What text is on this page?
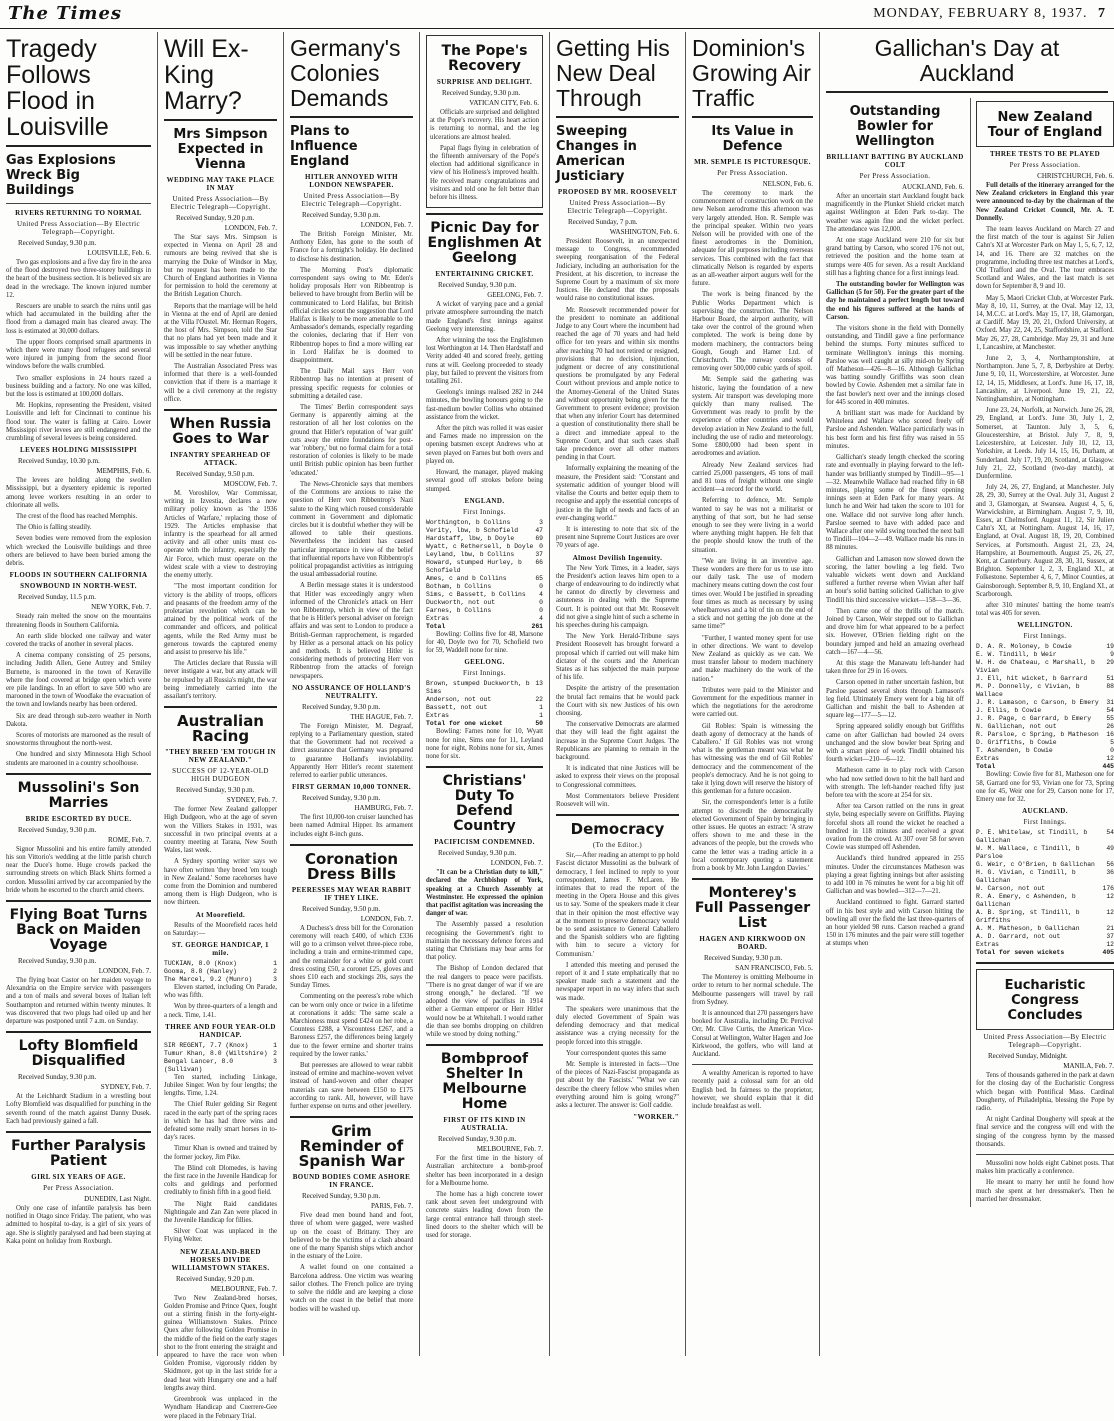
The Times	MONDAY, FEBRUARY 8, 1937. 7
Tragedy Follows Flood in Louisville
Gas Explosions Wreck Big Buildings
RIVERS RETURNING TO NORMAL
United Press Association—By Electric Telegraph—Copyright.
Received Sunday, 9.30 p.m.
LOUISVILLE, Feb. 6.

Two gas explosions and a five day fire in the area of the flood destroyed two three-storey buildings in the heart of the business section. It is believed six are dead in the wreckage. The known injured number 12.

Rescuers are unable to search the ruins until gas which had accumulated in the building after the flood from a damaged main has cleared away. The loss is estimated at 30,000 dollars.

The upper floors comprised small apartments in which there were many flood refugees and several were injured in jumping from the second floor windows before the walls crumbled.

Two smaller explosions in 24 hours razed a business building and a factory. No one was killed, but the loss is estimated at 100,000 dollars.

Mr. Hopkins, representing the President, visited Louisville and left for Cincinnati to continue his flood tour. The water is falling at Cairo. Lower Mississippi river levees are still endangered and the crumbling of several levees is being considered.

LEVEES HOLDING MISSISSIPPI
Received Sunday, 10.30 p.m.
MEMPHIS, Feb. 6.

The levees are holding along the swollen Mississippi, but a dysentery epidemic is reported among levee workers resulting in an order to chlorinate all wells.

The crest of the flood has reached Memphis.

The Ohio is falling steadily.

Seven bodies were removed from the explosion which wrecked the Louisville buildings and three others are believed to have been buried among the debris.

FLOODS IN SOUTHERN CALIFORNIA
SNOWBOUND IN NORTH-WEST.
Received Sunday, 11.5 p.m.
NEW YORK, Feb. 7.

Steady rain melted the snow on the mountains threatening floods in Southern California.

An earth slide blocked one railway and water covered the tracks of another in several places.

A cinema company consisting of 25 persons, including Judith Allen, Gene Autrey and Smiley Burnette, is marooned in the town of Keraville where the food covered at bridge open which were ere pile landings. In an effort to save 500 who are marooned in the town of Woodlake the evacuation of the town and lowlands nearby has been ordered.

Six are dead through sub-zero weather in North Dakota.

Scores of motorists are marooned as the result of snowstorms throughout the north-west.

One hundred and sixty Minnesota High School students are marooned in a country schoolhouse.

Mussolini's Son Marries
BRIDE ESCORTED BY DUCE.
Received Sunday, 9.30 p.m.
ROME, Feb. 7.

Signor Mussolini and his entire family attended his son Vittorio's wedding at the little parish church near the Duce's home. Huge crowds packed the surrounding streets on which Black Shirts formed a cordon. Mussolini arrived by car accompanied by the bride whom he escorted to the church amid cheers.

Flying Boat Turns Back on Maiden Voyage
Received Sunday, 9.30 p.m.
LONDON, Feb. 7.

The flying boat Castor on her maiden voyage to Alexandria on the Empire service with passengers and a ton of mails and several boxes of Italian left Southampton and returned within twenty minutes. It was discovered that two plugs had oiled up and her departure was postponed until 7 a.m. on Sunday.

Lofty Blomfield Disqualified
Received Sunday, 9.30 p.m.
SYDNEY, Feb. 7.

At the Leichhardt Stadium in a wrestling bout Lofty Blomfield was disqualified for punching in the seventh round of the match against Danny Dusek. Each had previously gained a fall.

Further Paralysis Patient
GIRL SIX YEARS OF AGE.
Per Press Association.
DUNEDIN, Last Night.

Only one case of infantile paralysis has been notified in Otago since Friday. The patient, who was admitted to hospital to-day, is a girl of six years of age. She is slightly paralysed and had been staying at Kaka point on holiday from Roxburgh.

Will Ex-King Marry?
Mrs Simpson Expected in Vienna
WEDDING MAY TAKE PLACE IN MAY
United Press Association—By Electric Telegraph—Copyright.
Received Sunday, 9.20 p.m.
LONDON, Feb. 7.

The Star says Mrs. Simpson is expected in Vienna on April 28 and rumours are being revived that she is marrying the Duke of Windsor in May, but no request has been made to the Church of England authorities in Vienna for permission to hold the ceremony at the British Legation Church.

Reports that the marriage will be held in Vienna at the end of April are denied at the Villa l'Oustel. Mr. Herman Rogers, the host of Mrs. Simpson, told the Star that no plans had yet been made and it was impossible to say whether anything will be settled in the near future.

The Australian Associated Press was informed that there is a well-founded conviction that if there is a marriage it will be a civil ceremony at the registry office.

When Russia Goes to War
INFANTRY SPEARHEAD OF ATTACK.
Received Sunday, 9.50 p.m.
MOSCOW, Feb. 7.

M. Voroshilov, War Commissar, writing in Izvestia, declares a new military policy known as 'the 1936 Articles of Warfare,' replacing those of 1929. The Articles emphasise that infantry is the spearhead for all armed activity and all other units must co-operate with the infantry, especially the Air Force, which must operate on the widest scale with a view to destroying the enemy utterly.

"The most important condition for victory is the ability of troops, officers and peasants of the freedom army of the proletarian revolution which can be attained by the political work of the commander and officers, and political agents, while the Red Army must be generous towards the captured enemy and assist to preserve his life."

The Articles declare that Russia will never instigate a war, but any attack will be repulsed by all Russia's might, the war being immediately carried into the assailant's territory.

Australian Racing
"THEY BREED 'EM TOUGH IN NEW ZEALAND."
SUCCESS OF 12-YEAR-OLD HIGH DUDGEON
Received Sunday, 9.30 p.m.
SYDNEY, Feb. 7.

The former New Zealand gallopper High Dudgeon, who at the age of seven won the Villiers Stakes in 1931, was successful in two principal events at a country meeting at Tarana, New South Wales, last week.

A Sydney sporting writer says we have often written 'they breed 'em tough in New Zealand.' Some racehorses have come from the Dominion and numbered among them is High Dudgeon, who is now thirteen.

At Moorefield.

Results of the Moorefield races held on Saturday:—

ST. GEORGE HANDICAP, 1 mile.
TUCKIAN, 8.0 (Knox)	1
Gooma, 8.8 (Hanley)	2
The Marcel, 9.2 (Munro)	3

Eleven started, including On Parade, who was fifth.

Won by three-quarters of a length and a neck. Time, 1.41.

THREE AND FOUR YEAR-OLD HANDICAP.
SIR REGENT, 7.7 (Knox)	1
Tumur Khan, 8.0 (Wiltshire) 2
Bengal Lancer, 8.0 (Sullivan)
3

Ten started, including Linkage, Jubilee Singer. Won by four lengths; the lengths. Time, 1.24.

The Chief Ruler gelding Sir Regent raced in the early part of the spring races in which he has had three wins and defeated some really smart horses in to-day's races.

Timur Khan is owned and trained by the former jockey, Jim Pike.

The Blind colt Dlomedes, is having the first race in the Juvenile Handicap for colts and geldings and performed creditably to finish fifth in a good field.

The Night Raid candidates Nightingale and Zan Zan were placed in the Juvenile Handicap for fillies.

Silver Coat was unplaced in the Flying Welter.

NEW ZEALAND-BRED HORSES DIVIDE WILLIAMSTOWN STAKES.
Received Sunday, 9.20 p.m.
MELBOURNE, Feb. 7.

Two New Zealand-bred horses, Golden Promise and Prince Quex, fought out a stirring finish in the forty-eight-guinea Williamstown Stakes. Prince Quex after following Golden Promise in the middle of the field on the early stages shot to the front entering the straight and appeared to have the race won when Golden Promise, vigorously ridden by Skidmore, got up in the last stride for a dead heat with Hungarry one and a half lengths away third.

Greenbrook was unplaced in the Wyndham Handicap and Cuerrere-Gee were placed in the February Trial.

Germany's Colonies Demands
Plans to Influence England
HITLER ANNOYED WITH LONDON NEWSPAPER.
United Press Association—By Electric Telegraph—Copyright.
Received Sunday, 9.30 p.m.
LONDON, Feb. 7.

The British Foreign Minister, Mr. Anthony Eden, has gone to the south of France for a fortnight's holiday. He declined to disclose his destination.

The Morning Post's diplomatic correspondent says owing to Mr. Eden's holiday proposals Herr von Ribbentrop is believed to have brought from Berlin will be communicated to Lord Halifax, but British official circles scout the suggestion that Lord Halifax is likely to be more amenable to the Ambassador's demands, especially regarding the colonies, declaring that if Herr von Ribbentrop hopes to find a more willing ear in Lord Halifax he is doomed to disappointment.

The Daily Mail says Herr von Ribbentrop has no intention at present of pressing specific requests for colonies or submitting a detailed case.

The Times' Berlin correspondent says Germany is apparently aiming at the restoration of all her lost colonies on the ground that Hitler's reputation of 'war guilt' cuts away the entire foundations for post-war 'robbery,' but no formal claim for a total restoration of colonies is likely to be made until British public opinion has been further 'educated.'

The News-Chronicle says that members of the Commons are anxious to raise the question of Herr von Ribbentrop's Nazi salute to the King which roused considerable comment in Government and diplomatic circles but it is doubtful whether they will be allowed to table their questions. Nevertheless the incident has caused particular importance in view of the belief that influential reports have von Ribbentrop's political propagandist activities as intriguing the usual ambassadorial routine.

A Berlin message states it is understood that Hitler was exceedingly angry when informed of the Chronicle's attack on Herr von Ribbentrop, which in view of the fact that he is Hitler's personal adviser on foreign affairs and was sent to London to produce a British-German rapprochement, is regarded by Hitler as a personal attack on his policy and methods. It is believed Hitler is considering methods of protecting Herr von Ribbentrop from the attacks of foreign newspapers.

NO ASSURANCE OF HOLLAND'S NEUTRALITY.
Received Sunday, 9.30 p.m.
THE HAGUE, Feb. 7.

The Foreign Minister, M. Degraaf, replying to a Parliamentary question, stated that the Government had not received a direct assurance that Germany was prepared to guarantee Holland's inviolability. Apparently Herr Hitler's recent statement referred to earlier public utterances.

FIRST GERMAN 10,000 TONNER.
Received Sunday, 9.30 p.m.
HAMBURG, Feb. 7.

The first 10,000-ton cruiser launched has been named Admiral Hipper. Its armament includes eight 8-inch guns.

Coronation Dress Bills
PEERESSES MAY WEAR RABBIT IF THEY LIKE.
Received Sunday, 9.50 p.m.
LONDON, Feb. 7.

A Duchess's dress bill for the Coronation ceremony will reach £400, of which £336 will go to a crimson velvet three-piece robe, including a train and ermine-trimmed cape, and the remainder for a white or gold court dress costing £50, a coronet £25, gloves and shoes £10 each and stockings 20s, says the Sunday Times.

Commenting on the peeress's robe which can be worn only once or twice in a lifetime at coronations it adds: 'The same scale a Marchioness must spend £424 on her robe, a Countess £288, a Viscountess £267, and a Baroness £257, the differences being largely due to the fewer ermine and shorter trains required by the lower ranks.'

But peeresses are allowed to wear rabbit instead of ermine and machine-woven velvet instead of hand-woven and other cheaper materials can save between £150 to £175 according to rank. All, however, will have further expense on turns and other jewellery.

Grim Reminder of Spanish War
BOUND BODIES COME ASHORE IN FRANCE.
Received Sunday, 9.30 p.m.
PARIS, Feb. 7.

Five dead men bound hand and foot, three of whom were gagged, were washed up on the coast of Brittany. They are believed to be the victims of a clash aboard one of the many Spanish ships which anchor in the estuary of the Loire.

A wallet found on one contained a Barcelona address. One victim was wearing sailor clothes. The French police are trying to solve the riddle and are keeping a close watch on the coast in the belief that more bodies will be washed up.

The Pope's Recovery
SURPRISE AND DELIGHT.
Received Sunday, 9.30 p.m.
VATICAN CITY, Feb. 6.

Officials are surprised and delighted at the Pope's recovery. His heart action is returning to normal, and the leg ulcerations are almost healed.

Papal flags flying in celebration of the fifteenth anniversary of the Pope's election had additional significance in view of his Holiness's improved health. He received many congratulations and visitors and told one he felt better than before his illness.

Picnic Day for Englishmen At Geelong
ENTERTAINING CRICKET.
Received Sunday, 9.30 p.m.
GEELONG, Feb. 7.

A wicket of varying pace and a genial private atmosphere surrounding the match made England's first innings against Geelong very interesting.

After winning the toss the Englishmen lost Worthington at 14. Then Hardstaff and Verity added 40 and scored freely, getting runs at will. Geelong proceeded to steady play, but failed to prevent the visitors from totalling 261.

Geelong's innings realised 282 in 244 minutes, the bowling honours going to the fast-medium bowler Collins who obtained assistance from the wicket.

After the pitch was rolled it was easier and Farnes made no impression on the opening batsmen except Andrews who at seven played on Farnes but both overs and played on.

Howard, the manager, played making several good off strokes before being stumped.

ENGLAND.
First Innings.
Worthington, b Collins	3
Verity, lbw, b Schofield	47
Hardstaff, lbw, b Doyle	69
Wyatt, c Rethersell, b Doyle 0
Leyland, lbw, b Collins	37
Howard, stumped Hurley, b Schofield
66
Ames, c and b Collins	65
Botham, b Collins	0
Sims, c Bassett, b Collins 4
Duckworth, not out	0
Farnes, b Collins	0
Extras	4
Total	261

Bowling: Collins five for 48, Marsone for 40, Doyle two for 70, Schofield two for 59, Waddell none for nine.

GEELONG.
First Innings.
Brown, stumped Duckworth, b Sims
13
Anderson, not out	22
Bassett, not out	1
Extras	1
Total for one wicket	50

Bowling: Farnes none for 10, Wyatt none for nine, Sims one for 11, Leyland none for eight, Robins none for six, Ames none for six.

Christians' Duty To Defend Country
PACIFICISM CONDEMNED.
Received Sunday, 9.30 p.m.
LONDON, Feb. 7.

"It can be a Christian duty to kill," declared the Archbishop of York, speaking at a Church Assembly at Westminster. He expressed the opinion that pacifist agitation was increasing the danger of war.

The Assembly passed a resolution recognising the Government's right to maintain the necessary defence forces and stating that Christians may bear arms for that policy.

The Bishop of London declared that the real dangers to peace were pacifists. "There is no great danger of war if we are strong enough," he declared. "If we adopted the view of pacifists in 1914 either a German emperor or Herr Hitler would now be at Whitehall. I would rather die than see bombs dropping on children while we stood by doing nothing."

Bombproof Shelter In Melbourne Home
FIRST OF ITS KIND IN AUSTRALIA.
Received Sunday, 9.30 p.m.
MELBOURNE, Feb. 7.

For the first time in the history of Australian architecture a bomb-proof shelter has been incorporated in a design for a Melbourne home.

The home has a high concrete tower rank about seven feet underground with concrete stairs leading down from the large central entrance hall through steel-lined doors to the shelter which will be used for storage.

Getting His New Deal Through
Sweeping Changes in American Justiciary
PROPOSED BY MR. ROOSEVELT
United Press Association—By Electric Telegraph—Copyright.
Received Sunday, 7 p.m.
WASHINGTON, Feb. 6.

President Roosevelt, in an unexpected message to Congress, recommended sweeping reorganisation of the Federal Judiciary, including an authorisation for the President, at his discretion, to increase the Supreme Court by a maximum of six more Justices. He declared that the proposals would raise no constitutional issues.

Mr. Roosevelt recommended power for the president to nominate an additional Judge to any Court where the incumbent had reached the age of 70 years and had held office for ten years and within six months after reaching 70 had not retired or resigned, provisions that no decision, injunction, judgment or decree of any constitutional questions be promulgated by any Federal Court without previous and ample notice to the Attorney-General of the United States and without opportunity being given for the Government to present evidence; provision that when any inferior Court has determined a question of constitutionality there shall be a direct and immediate appeal to the Supreme Court, and that such cases shall take precedence over all other matters pending in that Court.

Informally explaining the meaning of the measure, the President said: "Constant and systematic addition of younger blood will vitalise the Courts and better equip them to recognise and apply the essential concepts of justice in the light of needs and facts of an ever-changing world."

It is interesting to note that six of the present nine Supreme Court Justices are over 70 years of age.

Almost Devilish Ingenuity.

The New York Times, in a leader, says the President's action leaves him open to a charge of endeavouring to do indirectly what he cannot do directly by cleverness and astuteness in dealing with the Supreme Court. It is pointed out that Mr. Roosevelt did not give a single hint of such a scheme in his speeches during his campaign.

The New York Herald-Tribune says President Roosevelt has brought forward a proposal which if carried out will make him dictator of the courts and the American States as it has subjected the main purpose of his life.

Despite the artistry of the presentation the brutal fact remains that he would pack the Court with six new Justices of his own choosing.

The conservative Democrats are alarmed that they will lead the fight against the increase in the Supreme Court Judges. The Republicans are planning to remain in the background.

It is indicated that nine Justices will be asked to express their views on the proposal to Congressional committees.

Most Commentators believe President Roosevelt will win.

Democracy
(To the Editor.)

Sir,—After reading an attempt to pp hold Fascist dictator Mussolini as the bulwark of democracy, I feel inclined to reply to your correspondent, James F. McLaren. He intimates that to read the report of the meeting in the Opera House and this gives us to say. 'Some of the speakers made it clear that in their opinion the most effective way at the moment to preserve democracy would be to send assistance to General Caballero and the Spanish soldiers who are fighting with him to secure a victory for Communism.'

I attended this meeting and perused the report of it and I state emphatically that no speaker made such a statement and the newspaper report in no way infers that such was made.

The speakers were unanimous that the duly elected Government of Spain was defending democracy and that medical assistance was a crying necessity for the people forced into this struggle.

Your correspondent quotes this same

Mr. Semple is interested in facts—'One of the pieces of Nazi-Fascist propaganda as put about by the Fascists.' "What we can describe the cheery fellow who smiles when everything around him is going wrong?" asks a lecturer. The answer is: Golf caddie.

"WORKER."
Dominion's Growing Air Traffic
Its Value in Defence
MR. SEMPLE IS PICTURESQUE.
Per Press Association.
NELSON, Feb. 6.

The ceremony to mark the commencement of construction work on the new Nelson aerodrome this afternoon was very largely attended. Hon. R. Semple was the principal speaker. Within two years Nelson will be provided with one of the finest aerodromes in the Dominion, adequate for all purposes including overseas services. This combined with the fact that climatically Nelson is regarded by experts as an all-weather airport augurs well for the future.

The work is being financed by the Public Works Department which is supervising the construction. The Nelson Harbour Board, the airport authority, will take over the control of the ground when completed. The work is being done by modern machinery, the contractors being Gough, Gough and Hamer Ltd. of Christchurch. The runway consists of removing over 500,000 cubic yards of spoil.

Mr. Semple said the gathering was historic, laying the foundation of a new system. Air transport was developing more quickly than many realised. The Government was ready to profit by the experience of other countries and would develop aviation in New Zealand to the full, including the use of radio and meteorology. Some £800,000 had been spent in aerodromes and aviation.

Already New Zealand services had carried 25,000 passengers, 45 tons of mail and 81 tons of freight without one single accident—a record for the world.

Referring to defence, Mr. Semple wanted to say he was not a militarist or anything of that sort, but he had sense enough to see they were living in a world where anything might happen. He felt that the people should know the truth of the situation.

"We are living in an inventive age. These wonders are there for us to use into our daily task. The use of modern machinery means cutting down the cost four times over. Would I be justified in spreading four times as much as necessary by using wheelbarrows and a bit of tin on the end of a stick and not getting the job done at the same time?"

"Further, I wanted money spent for use in other directions. We want to develop New Zealand as quickly as we can. We must transfer labour to modern machinery and make machinery do the work of the nation."

Tributes were paid to the Minister and Government for the expeditious manner in which the negotiations for the aerodrome were carried out.

Gil Robles: 'Spain is witnessing the death agony of democracy at the hands of Caballero.' If Gil Robles was not wrong what is the gentleman meant was what he has witnessing was the end of Gil Robles' democracy and the commencement of the people's democracy. And he is not going to take it lying down will reserve the history of this gentleman for a future occasion.

Sir, the correspondent's letter is a futile attempt to discredit the democratically elected Government of Spain by bringing in other issues. He quotes an extract: 'A straw offers shown to me and these in the advances of the people, but the crowds who came the letter was a trading article in a local contemporary quoting a statement from a book by Mr. John Langdon Davies.'

Monterey's Full Passenger List
HAGEN AND KIRKWOOD ON BOARD.
Received Sunday, 9.30 p.m.
SAN FRANCISCO, Feb. 5.

The Monterey is omitting Melbourne in order to return to her normal schedule. The Melbourne passengers will travel by rail from Sydney.

It is announced that 270 passengers have booked for Australia, including Dr. Percival Orr, Mr. Clive Curtis, the American Vice-Consul at Wellington, Walter Hagen and Joe Kirkwood, the golfers, who will land at Auckland.

A wealthy American is reported to have recently paid a colossal sum for an old English bed. In fairness to the proprietor, however, we should explain that it did include breakfast as well.

Gallichan's Day at Auckland
Outstanding Bowler for Wellington
BRILLIANT BATTING BY AUCKLAND COLT
Per Press Association.
AUCKLAND, Feb. 6.

After an uncertain start Auckland fought back magnificently in the Plunket Shield cricket match against Wellington at Eden Park to-day. The weather was again fine and the wicket perfect. The attendance was 12,000.

At one stage Auckland were 210 for six but grand batting by Carson, who scored 176 not out, retrieved the position and the home team at stumps were 405 for seven. As a result Auckland still has a fighting chance for a first innings lead.

The outstanding bowler for Wellington was Gallichan (5 for 50). For the greater part of the day he maintained a perfect length but toward the end his figures suffered at the hands of Carson.

The visitors shone in the field with Donnelly outstanding, and Tindill gave a fine performance behind the stumps. Forty minutes sufficed to terminate Wellington's innings this morning. Parsloe was well caught at silly mid-on by Spring off Matheson—426—8—16. Although Gallichan was batting soundly Griffiths was soon clean bowled by Cowie. Ashenden met a similar fate in the fast bowler's next over and the innings closed for 445 scored in 400 minutes.

A brilliant start was made for Auckland by Whiteleea and Wallace who scored freely off Parsloe and Ashenden. Wallace particularly was in his best form and his first fifty was raised in 55 minutes.

Gallichan's steady length checked the scoring rate and eventually in playing forward to the left-hander was brilliantly stumped by Tindill—95—1—32. Meanwhile Wallace had reached fifty in 68 minutes, playing some of the finest opening innings seen at Eden Park for many years. At lunch he and Weir had taken the score to 101 for one. Wallace did not survive long after lunch. Parsloe seemed to have with added pace and Wallace after one wild swing touched the next ball to Tindill—104—2—49. Wallace made his runs in 88 minutes.

Gallichan and Lamason now slowed down the scoring, the latter bowling a leg field. Two valuable wickets went down and Auckland suffered a further reverse when Vivian after half an hour's solid batting solicited Gallichan to give Tindill his third successive wicket—158—3—36.

Then came one of the thrills of the match. Joined by Carson, Weir stepped out to Gallichan and drove him for what appeared to be a perfect six. However, O'Brien fielding right on the boundary jumped and held an amazing overhead catch—167—4—56.

At this stage the Manawatu left-hander had taken three for 29 in 16 overs.

Carson opened in rather uncertain fashion, but Parsloe passed several shots through Lamason's leg field. Ultimately Emery went for a big hit off Gallichan and mishit the ball to Ashenden at square leg—177—5—12.

Spring appeared solidly enough but Griffiths came on after Gallichan had bowled 24 overs unchanged and the slow bowler beat Spring and with a smart piece of work Tindill obtained his fourth wicket—210—6—12.

Matheson came in to play rock with Carson who had now settled down to hit the ball hard and with strength. The left-hander reached fifty just before tea with the score at 254 for six.

After tea Carson rattled on the runs in great style, being especially severe on Griffiths. Playing forceful shots all round the wicket he reached a hundred in 118 minutes and received a great ovation from the crowd. At 307 over 58 for seven Cowie was stumped off Ashenden.

Auckland's third hundred appeared in 255 minutes. Under the circumstances Matheson was playing a great fighting innings but after assisting to add 100 in 76 minutes he went for a big hit off Gallichan and was bowled—312—7—21.

Auckland continued to fight. Garrard started off in his best style and with Carson hitting the bowling all over the field the last three-quarters of an hour yielded 98 runs. Carson reached a grand 150 in 176 minutes and the pair were still together at stumps when

New Zealand Tour of England
THREE TESTS TO BE PLAYED
Per Press Association.
CHRISTCHURCH, Feb. 6.

Full details of the itinerary arranged for the New Zealand cricketers in England this year were announced to-day by the chairman of the New Zealand Cricket Council, Mr. A. T. Donnelly.

The team leaves Auckland on March 27 and the first match of the tour is against Sir Julien Cahn's XI at Worcester Park on May 1, 5, 6, 7, 12, 14, and 16. There are 32 matches on the programme, including three test matches at Lord's, Old Trafford and the Oval. The tour embraces Scotland and Wales, and the last match is set down for September 8, 9 and 10.

May 5, Maori Cricket Club, at Worcester Park. May 8, 10, 11, Surrey, at the Oval. May 12, 13, 14, M.C.C. at Lord's. May 15, 17, 18, Glamorgan, at Cardiff. May 19, 20, 21, Oxford University, at Oxford. May 22, 24, 25, Staffordshire, at Stafford. May 26, 27, 28, Cambridge. May 29, 31 and June 1, Lancashire, at Manchester.

June 2, 3, 4, Northamptonshire, at Northampton. June 5, 7, 8, Derbyshire at Derby. June 9, 10, 11, Worcestershire, at Worcester. June 12, 14, 15, Middlesex, at Lord's. June 16, 17, 18, Lancashire, at Liverpool. June 19, 21, 22, Nottinghamshire, at Nottingham.

June 23, 24, Norfolk, at Norwich. June 26, 28, 29, England, at Lord's. June 30, July 1, 2, Somerset, at Taunton. July 3, 5, 6, Gloucestershire, at Bristol. July 7, 8, 9, Leicestershire, at Leicester. July 10, 12, 13, Yorkshire, at Leeds. July 14, 15, 16, Durham, at Sunderland. July 17, 19, 20, Scotland, at Glasgow. July 21, 22, Scotland (two-day match), at Dunfermline.

July 24, 26, 27, England, at Manchester. July 28, 29, 30, Surrey at the Oval. July 31, August 2 and 3, Glamorgan, at Swansea. August 4, 5, 6, Warwickshire, at Birmingham. August 7, 9, 10, Essex, at Chelmsford. August 11, 12, Sir Julien Cahn's XI, at Nottingham. August 14, 16, 17, England, at Oval. August 18, 19, 20, Combined Services, at Portsmouth. August 21, 23, 24, Hampshire, at Bournemouth. August 25, 26, 27, Kent, at Canterbury. August 28, 30, 31, Sussex, at Brighton. September 1, 2, 3, England XI., at Folkestone. September 4, 6, 7, Minor Counties, at Gainsborough. September 8, 9, 10, England XI., at Scarborough.

after 310 minutes' batting the home team's total was 405 for seven.

WELLINGTON.
First Innings.
D. A. R. Moloney, b Cowie	19
E. W. Tindill, b Weir	9
W. H. de Chateau, c Marshall, b Vivian
29
J. Ell, hit wicket, b Garrard	51
M. P. Donnelly, c Vivian, b Wallace
88
J. R. Lamason, c Carson, b Emery 31
J. Ellis, b Cowie	54
J. R. Page, c Garrard, b Emery 55
N. Gallichan, not out	26
R. Parsloe, c Spring, b Matheson 16
D. Griffiths, b Cowie	5
T. Ashenden, b Cowie	0
Extras	12
Total	445

Bowling: Cowie five for 81, Matheson one for 58, Garrard one for 93, Vivian one for 73, Spring one for 45, Weir one for 29, Carson none for 17, Emery one for 32.

AUCKLAND.
First Innings.
P. E. Whitelaw, st Tindill, b Gallichan
54
W. M. Wallace, c Tindill, b Parsloe
49
G. Weir, c O'Brien, b Gallichan 56
H. G. Vivian, c Tindill, b Gallichan
36
W. Carson, not out	176
R. A. Emery, c Ashenden, b Gallichan
12
A. B. Spring, st Tindill, b Griffiths
12
A. M. Matheson, b Gallichan	21
A. D. Garrard, not out	37
Extras	12
Total for seven wickets	405
Eucharistic Congress Concludes
United Press Association—By Electric Telegraph—Copyright.
Received Sunday, Midnight.
MANILA, Feb. 7.

Tens of thousands gathered in the park at dawn for the closing day of the Eucharistic Congress which began with Pontifical Mass. Cardinal Dougherty, of Philadelphia, blessing the Pope by radio.

At night Cardinal Dougherty will speak at the final service and the congress will end with the singing of the congress hymn by the massed thousands.

Mussolini now holds eight Cabinet posts. That makes him practically a conference.

He meant to marry her until he found how much she spent at her dressmaker's. Then he married her dressmaker.
